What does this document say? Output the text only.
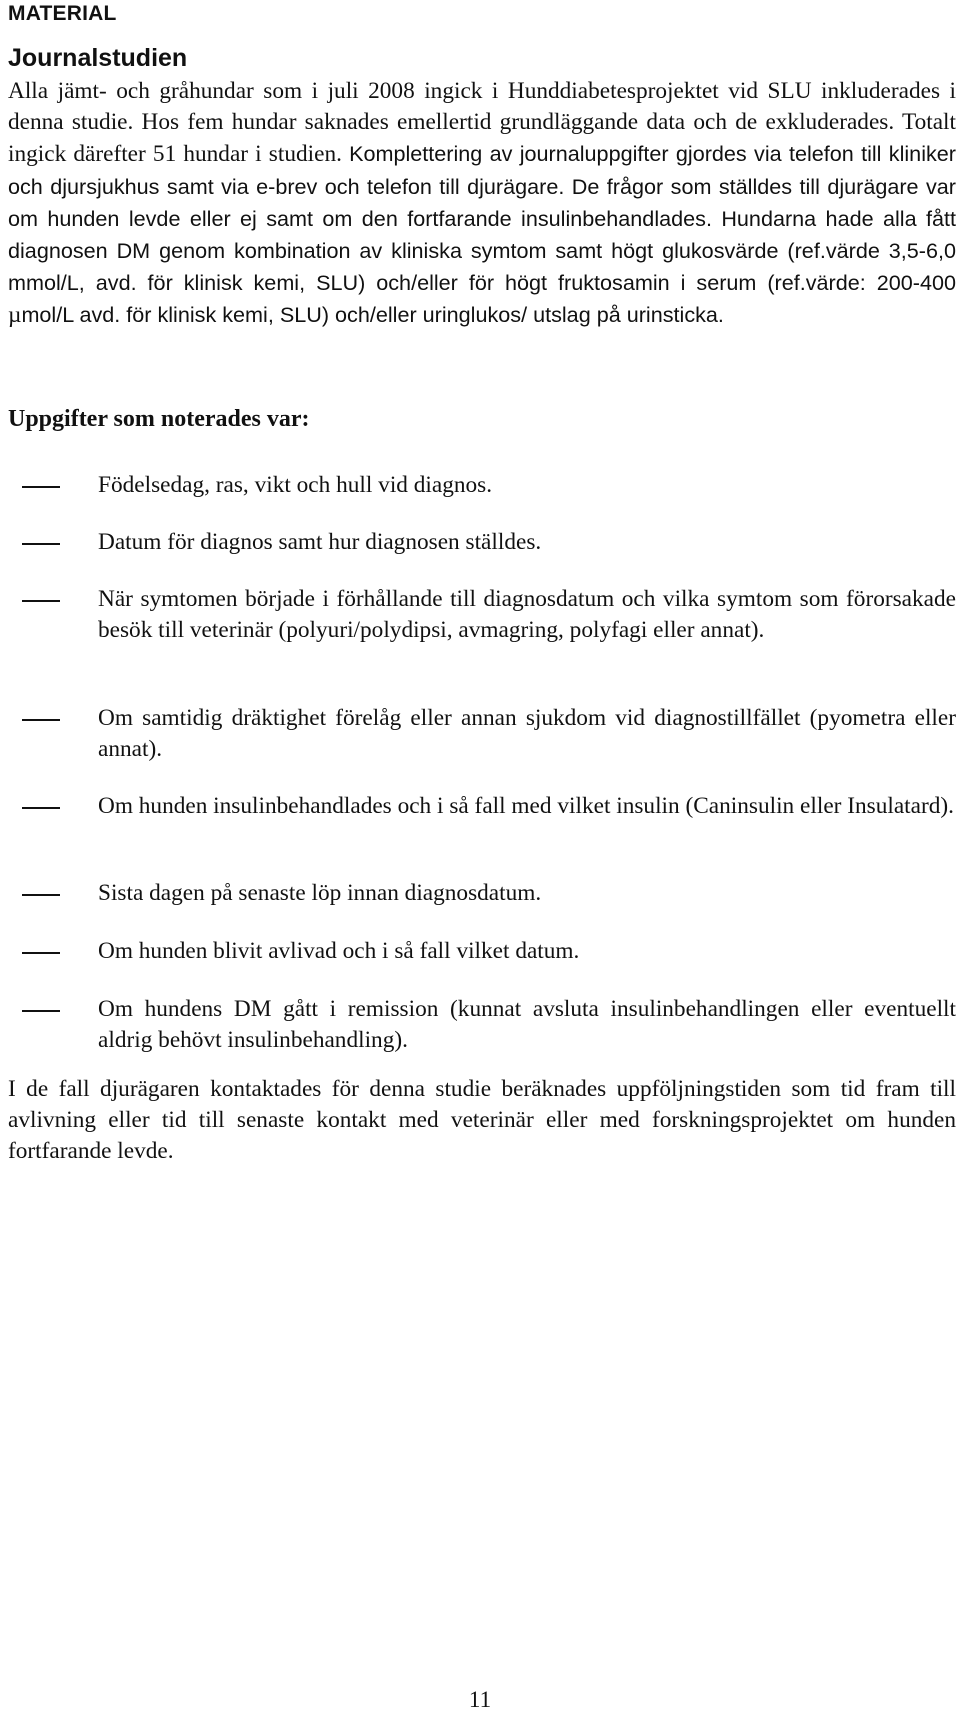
MATERIAL
Journalstudien

Alla jämt- och gråhundar som i juli 2008 ingick i Hunddiabetesprojektet vid SLU inkluderades i denna studie. Hos fem hundar saknades emellertid grundläggande data och de exkluderades. Totalt ingick därefter 51 hundar i studien. Komplettering av journaluppgifter gjordes via telefon till kliniker och djursjukhus samt via e-brev och telefon till djurägare. De frågor som ställdes till djurägare var om hunden levde eller ej samt om den fortfarande insulinbehandlades. Hundarna hade alla fått diagnosen DM genom kombination av kliniska symtom samt högt glukosvärde (ref.värde 3,5-6,0 mmol/L, avd. för klinisk kemi, SLU) och/eller för högt fruktosamin i serum (ref.värde: 200-400 µmol/L avd. för klinisk kemi, SLU) och/eller uringlukos/ utslag på urinsticka.

Uppgifter som noterades var:
Födelsedag, ras, vikt och hull vid diagnos.
Datum för diagnos samt hur diagnosen ställdes.
När symtomen började i förhållande till diagnosdatum och vilka symtom som förorsakade besök till veterinär (polyuri/polydipsi, avmagring, polyfagi eller annat).
Om samtidig dräktighet förelåg eller annan sjukdom vid diagnostillfället (pyometra eller annat).
Om hunden insulinbehandlades och i så fall med vilket insulin (Caninsulin eller Insulatard).
Sista dagen på senaste löp innan diagnosdatum.
Om hunden blivit avlivad och i så fall vilket datum.
Om hundens DM gått i remission (kunnat avsluta insulinbehandlingen eller eventuellt aldrig behövt insulinbehandling).

I de fall djurägaren kontaktades för denna studie beräknades uppföljningstiden som tid fram till avlivning eller tid till senaste kontakt med veterinär eller med forskningsprojektet om hunden fortfarande levde.

11
